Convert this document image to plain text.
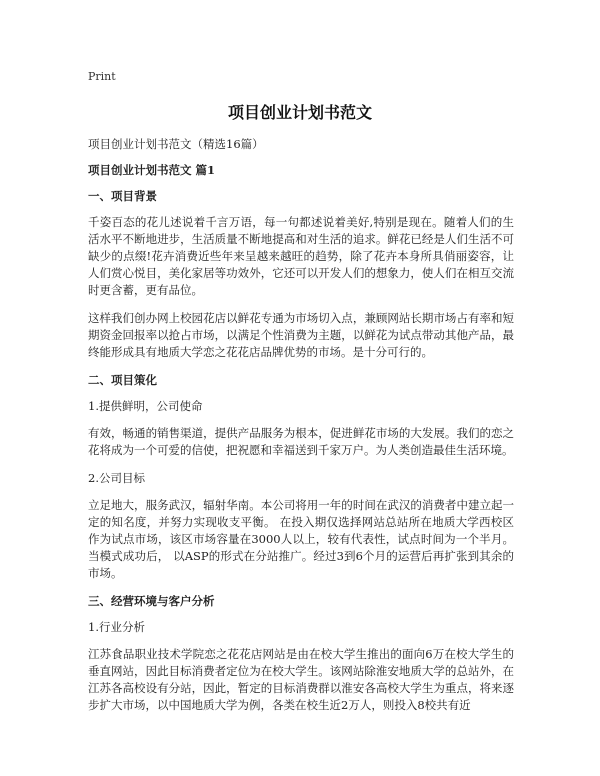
Print
项目创业计划书范文
项目创业计划书范文（精选16篇）
项目创业计划书范文 篇1
一、项目背景
千姿百态的花儿述说着千言万语，每一句都述说着美好,特别是现在。随着人们的生活水平不断地进步，生活质量不断地提高和对生活的追求。鲜花已经是人们生活不可缺少的点缀!花卉消费近些年来呈越来越旺的趋势，除了花卉本身所具俏丽姿容，让人们赏心悦目，美化家居等功效外，它还可以开发人们的想象力，使人们在相互交流时更含蓄，更有品位。
这样我们创办网上校园花店以鲜花专通为市场切入点，兼顾网站长期市场占有率和短期资金回报率以抢占市场，以满足个性消费为主题，以鲜花为试点带动其他产品，最终能形成具有地质大学恋之花花店品牌优势的市场。是十分可行的。
二、项目策化
1.提供鲜明，公司使命
有效，畅通的销售渠道，提供产品服务为根本，促进鲜花市场的大发展。我们的恋之花将成为一个可爱的信使，把祝愿和幸福送到千家万户。为人类创造最佳生活环境。
2.公司目标
立足地大，服务武汉，辐射华南。本公司将用一年的时间在武汉的消费者中建立起一定的知名度，并努力实现收支平衡。 在投入期仅选择网站总站所在地质大学西校区作为试点市场，该区市场容量在3000人以上，较有代表性，试点时间为一个半月。当模式成功后， 以ASP的形式在分站推广。经过3到6个月的运营后再扩张到其余的市场。
三、经营环境与客户分析
1.行业分析
江苏食品职业技术学院恋之花花店网站是由在校大学生推出的面向6万在校大学生的垂直网站，因此目标消费者定位为在校大学生。该网站除淮安地质大学的总站外，在江苏各高校设有分站，因此，暂定的目标消费群以淮安各高校大学生为重点，将来逐步扩大市场，以中国地质大学为例，各类在校生近2万人，则投入8校共有近
